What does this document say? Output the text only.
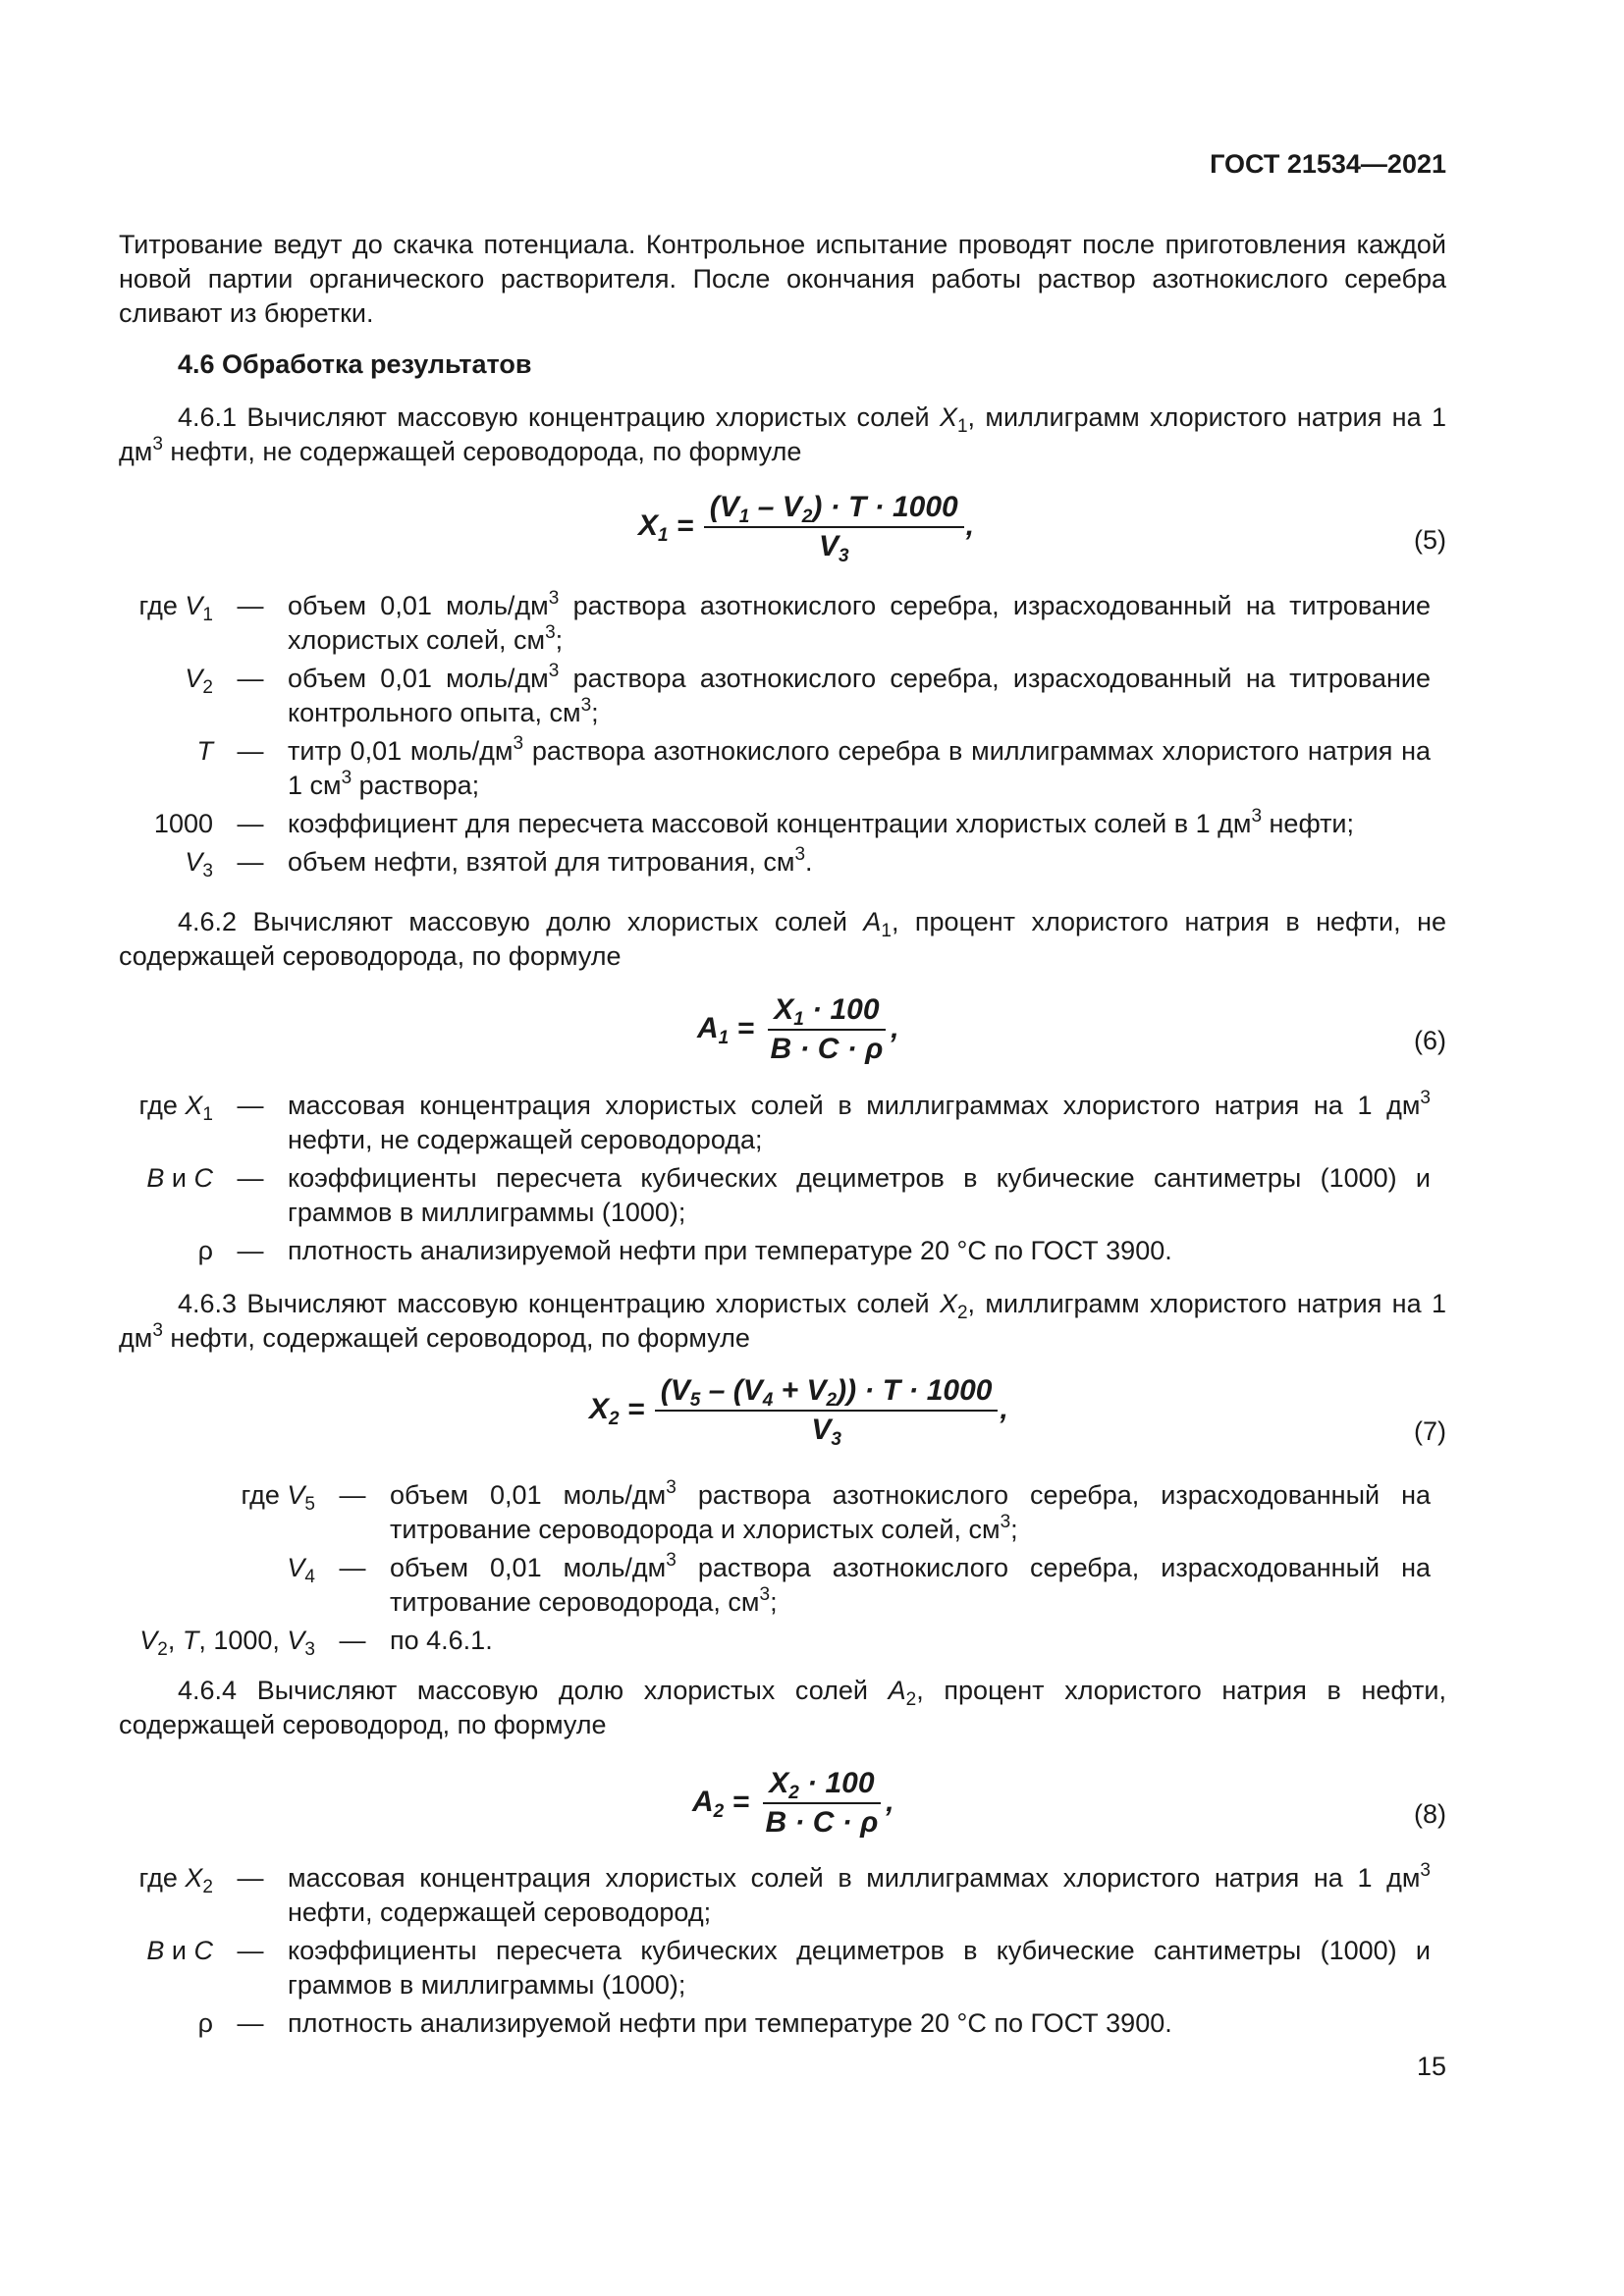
ГОСТ 21534—2021
Титрование ведут до скачка потенциала. Контрольное испытание проводят после приготовления каждой новой партии органического растворителя. После окончания работы раствор азотнокислого серебра сливают из бюретки.
4.6 Обработка результатов
4.6.1 Вычисляют массовую концентрацию хлористых солей $X_1$, миллиграмм хлористого натрия на 1 $дм^3$ нефти, не содержащей сероводорода, по формуле
$X_1 = \frac{(V_1 - V_2) \cdot T \cdot 1000}{V_3}$ ,	(5)
где $V_1$ — объем 0,01 моль/$дм^3$ раствора азотнокислого серебра, израсходованный на титрование хлористых солей, $см^3$;
$V_2$ — объем 0,01 моль/$дм^3$ раствора азотнокислого серебра, израсходованный на титрование контрольного опыта, $см^3$;
T — титр 0,01 моль/$дм^3$ раствора азотнокислого серебра в миллиграммах хлористого натрия на 1 $см^3$ раствора;
1000 — коэффициент для пересчета массовой концентрации хлористых солей в 1 $дм^3$ нефти;
$V_3$ — объем нефти, взятой для титрования, $см^3$.
4.6.2 Вычисляют массовую долю хлористых солей $A_1$, процент хлористого натрия в нефти, не содержащей сероводорода, по формуле
$A_1 = \frac{X_1 \cdot 100}{B \cdot C \cdot \rho}$ ,	(6)
где $X_1$ — массовая концентрация хлористых солей в миллиграммах хлористого натрия на 1 $дм^3$ нефти, не содержащей сероводорода;
B и C — коэффициенты пересчета кубических дециметров в кубические сантиметры (1000) и граммов в миллиграммы (1000);
ρ — плотность анализируемой нефти при температуре 20 °С по ГОСТ 3900.
4.6.3 Вычисляют массовую концентрацию хлористых солей $X_2$, миллиграмм хлористого натрия на 1 $дм^3$ нефти, содержащей сероводород, по формуле
$X_2 = \frac{(V_5 - (V_4 + V_2)) \cdot T \cdot 1000}{V_3}$ ,
(7)
где $V_5$ — объем 0,01 моль/$дм^3$ раствора азотнокислого серебра, израсходованный на титрование сероводорода и хлористых солей, $см^3$;
$V_4$ — объем 0,01 моль/$дм^3$ раствора азотнокислого серебра, израсходованный на титрование сероводорода, $см^3$;
$V_2$, T, 1000, $V_3$ — по 4.6.1.
4.6.4 Вычисляют массовую долю хлористых солей $A_2$, процент хлористого натрия в нефти, содержащей сероводород, по формуле
$A_2 = \frac{X_2 \cdot 100}{B \cdot C \cdot \rho}$ ,	(8)
где $X_2$ — массовая концентрация хлористых солей в миллиграммах хлористого натрия на 1 $дм^3$ нефти, содержащей сероводород;
B и C — коэффициенты пересчета кубических дециметров в кубические сантиметры (1000) и граммов в миллиграммы (1000);
ρ — плотность анализируемой нефти при температуре 20 °С по ГОСТ 3900.
15
